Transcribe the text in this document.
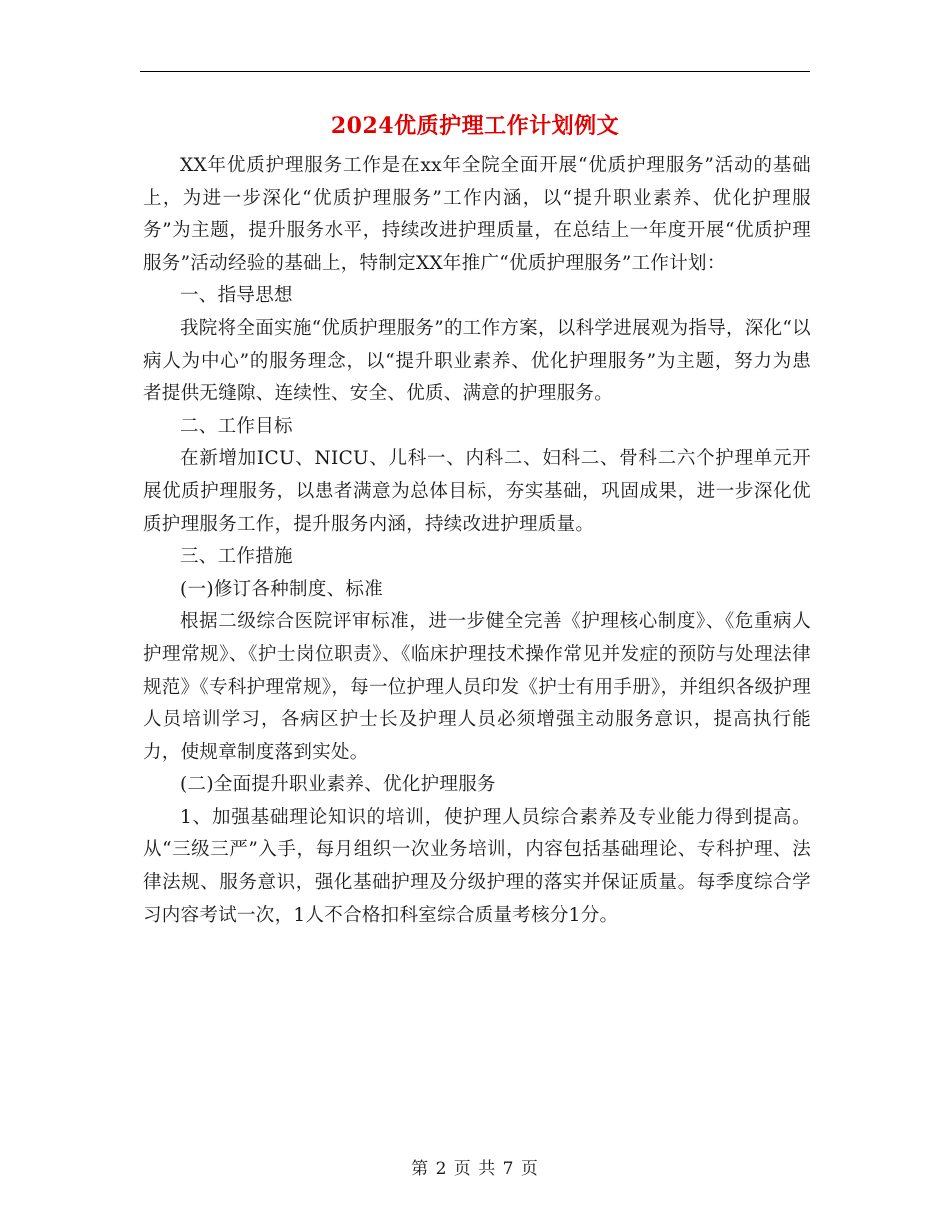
2024优质护理工作计划例文

XX年优质护理服务工作是在xx年全院全面开展“优质护理服务”活动的基础上，为进一步深化“优质护理服务”工作内涵，以“提升职业素养、优化护理服务”为主题，提升服务水平，持续改进护理质量，在总结上一年度开展“优质护理服务”活动经验的基础上，特制定XX年推广“优质护理服务”工作计划：

一、指导思想

我院将全面实施“优质护理服务”的工作方案，以科学进展观为指导，深化“以病人为中心”的服务理念，以“提升职业素养、优化护理服务”为主题，努力为患者提供无缝隙、连续性、安全、优质、满意的护理服务。

二、工作目标

在新增加ICU、NICU、儿科一、内科二、妇科二、骨科二六个护理单元开展优质护理服务，以患者满意为总体目标，夯实基础，巩固成果，进一步深化优质护理服务工作，提升服务内涵，持续改进护理质量。

三、工作措施

(一)修订各种制度、标准

根据二级综合医院评审标准，进一步健全完善《护理核心制度》、《危重病人护理常规》、《护士岗位职责》、《临床护理技术操作常见并发症的预防与处理法律规范》《专科护理常规》，每一位护理人员印发《护士有用手册》，并组织各级护理人员培训学习，各病区护士长及护理人员必须增强主动服务意识，提高执行能力，使规章制度落到实处。

(二)全面提升职业素养、优化护理服务

1、加强基础理论知识的培训，使护理人员综合素养及专业能力得到提高。从“三级三严”入手，每月组织一次业务培训，内容包括基础理论、专科护理、法律法规、服务意识，强化基础护理及分级护理的落实并保证质量。每季度综合学习内容考试一次，1人不合格扣科室综合质量考核分1分。

第 2 页 共 7 页
